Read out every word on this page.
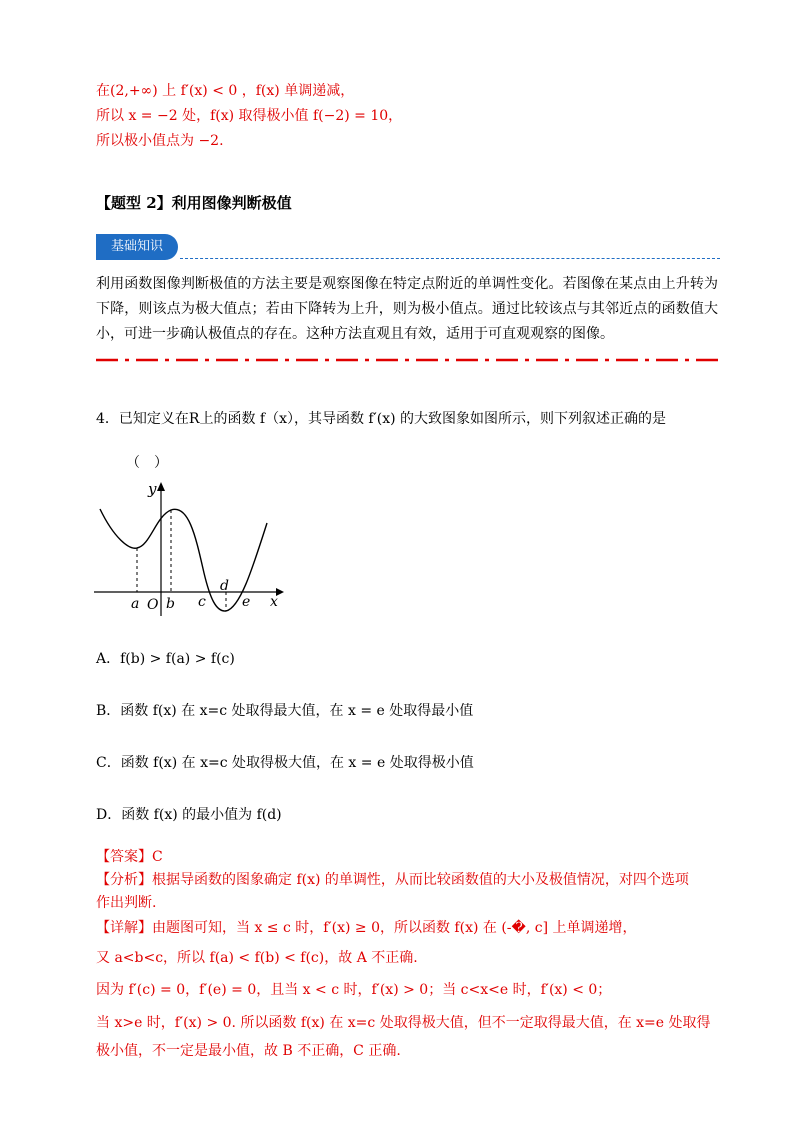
在(2,+∞) 上 f′(x) < 0 ，f(x) 单调递减，
所以 x = −2 处，f(x) 取得极小值 f(−2) = 10，
所以极小值点为 −2.
【题型 2】利用图像判断极值
基础知识
利用函数图像判断极值的方法主要是观察图像在特定点附近的单调性变化。若图像在某点由上升转为下降，则该点为极大值点；若由下降转为上升，则为极小值点。通过比较该点与其邻近点的函数值大小，可进一步确认极值点的存在。这种方法直观且有效，适用于可直观观察的图像。
4．已知定义在R上的函数 f（x），其导函数 f′(x) 的大致图象如图所示，则下列叙述正确的是
（　）
y
x
a O b c
d
e
A．f(b) > f(a) > f(c)
B．函数 f(x) 在 x=c 处取得最大值，在 x = e 处取得最小值
C．函数 f(x) 在 x=c 处取得极大值，在 x = e 处取得极小值
D．函数 f(x) 的最小值为 f(d)
【答案】C
【分析】根据导函数的图象确定 f(x) 的单调性，从而比较函数值的大小及极值情况，对四个选项
作出判断.
【详解】由题图可知，当 x ≤ c 时，f′(x) ≥ 0，所以函数 f(x) 在 (-�, c] 上单调递增，
又 a<b<c，所以 f(a) < f(b) < f(c)，故 A 不正确.
因为 f′(c) = 0，f′(e) = 0，且当 x < c 时，f′(x) > 0；当 c<x<e 时，f′(x) < 0；
当 x>e 时，f′(x) > 0. 所以函数 f(x) 在 x=c 处取得极大值，但不一定取得最大值，在 x=e 处取得
极小值，不一定是最小值，故 B 不正确，C 正确.
